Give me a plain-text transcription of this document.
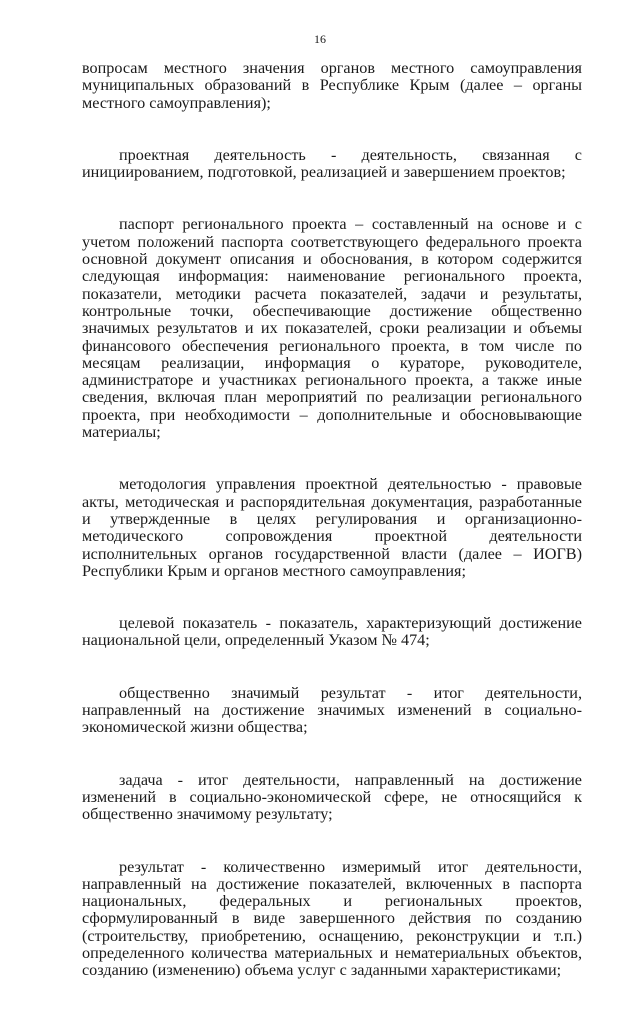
16

вопросам местного значения органов местного самоуправления муниципальных образований в Республике Крым (далее – органы местного самоуправления);

проектная деятельность - деятельность, связанная с инициированием, подготовкой, реализацией и завершением проектов;

паспорт регионального проекта – составленный на основе и с учетом положений паспорта соответствующего федерального проекта основной документ описания и обоснования, в котором содержится следующая информация: наименование регионального проекта, показатели, методики расчета показателей, задачи и результаты, контрольные точки, обеспечивающие достижение общественно значимых результатов и их показателей, сроки реализации и объемы финансового обеспечения регионального проекта, в том числе по месяцам реализации, информация о кураторе, руководителе, администраторе и участниках регионального проекта, а также иные сведения, включая план мероприятий по реализации регионального проекта, при необходимости – дополнительные и обосновывающие материалы;

методология управления проектной деятельностью - правовые акты, методическая и распорядительная документация, разработанные и утвержденные в целях регулирования и организационно-методического сопровождения проектной деятельности исполнительных органов государственной власти (далее – ИОГВ) Республики Крым и органов местного самоуправления;

целевой показатель - показатель, характеризующий достижение национальной цели, определенный Указом № 474;

общественно значимый результат - итог деятельности, направленный на достижение значимых изменений в социально-экономической жизни общества;

задача - итог деятельности, направленный на достижение изменений в социально-экономической сфере, не относящийся к общественно значимому результату;

результат - количественно измеримый итог деятельности, направленный на достижение показателей, включенных в паспорта национальных, федеральных и региональных проектов, сформулированный в виде завершенного действия по созданию (строительству, приобретению, оснащению, реконструкции и т.п.) определенного количества материальных и нематериальных объектов, созданию (изменению) объема услуг с заданными характеристиками;
